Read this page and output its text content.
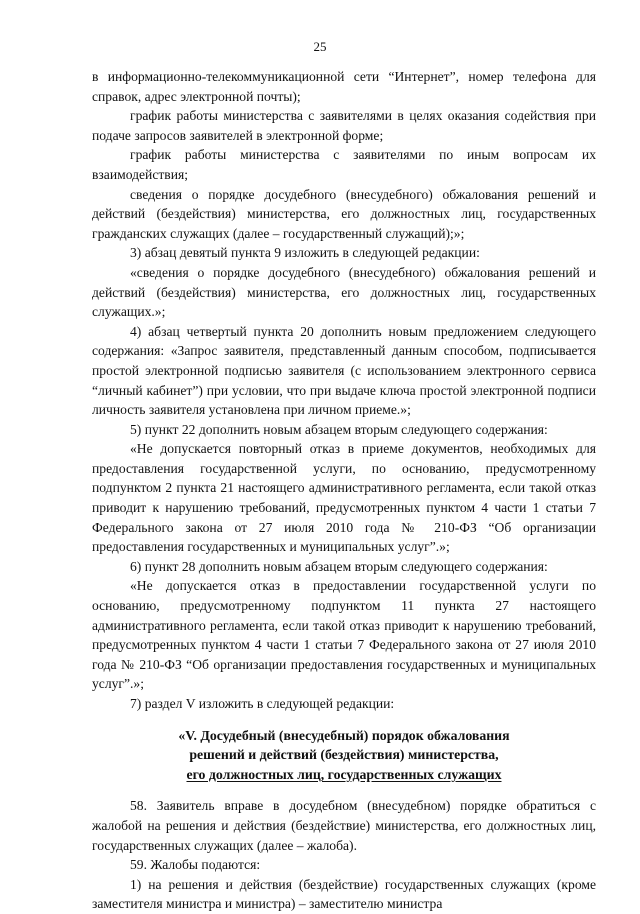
25

в информационно-телекоммуникационной сети “Интернет”, номер телефона для справок, адрес электронной почты);

график работы министерства с заявителями в целях оказания содействия при подаче запросов заявителей в электронной форме;

график работы министерства с заявителями по иным вопросам их взаимодействия;

сведения о порядке досудебного (внесудебного) обжалования решений и действий (бездействия) министерства, его должностных лиц, государственных гражданских служащих (далее – государственный служащий);»;

3) абзац девятый пункта 9 изложить в следующей редакции:

«сведения о порядке досудебного (внесудебного) обжалования решений и действий (бездействия) министерства, его должностных лиц, государственных служащих.»;

4) абзац четвертый пункта 20 дополнить новым предложением следующего содержания: «Запрос заявителя, представленный данным способом, подписывается простой электронной подписью заявителя (с использованием электронного сервиса “личный кабинет”) при условии, что при выдаче ключа простой электронной подписи личность заявителя установлена при личном приеме.»;

5) пункт 22 дополнить новым абзацем вторым следующего содержания:

«Не допускается повторный отказ в приеме документов, необходимых для предоставления государственной услуги, по основанию, предусмотренному подпунктом 2 пункта 21 настоящего административного регламента, если такой отказ приводит к нарушению требований, предусмотренных пунктом 4 части 1 статьи 7 Федерального закона от 27 июля 2010 года № 210-ФЗ “Об организации предоставления государственных и муниципальных услуг”.»;

6) пункт 28 дополнить новым абзацем вторым следующего содержания:

«Не допускается отказ в предоставлении государственной услуги по основанию, предусмотренному подпунктом 11 пункта 27 настоящего административного регламента, если такой отказ приводит к нарушению требований, предусмотренных пунктом 4 части 1 статьи 7 Федерального закона от 27 июля 2010 года № 210-ФЗ “Об организации предоставления государственных и муниципальных услуг”.»;

7) раздел V изложить в следующей редакции:

«V. Досудебный (внесудебный) порядок обжалования
решений и действий (бездействия) министерства,
его должностных лиц, государственных служащих

58. Заявитель вправе в досудебном (внесудебном) порядке обратиться с жалобой на решения и действия (бездействие) министерства, его должностных лиц, государственных служащих (далее – жалоба).

59. Жалобы подаются:

1) на решения и действия (бездействие) государственных служащих (кроме заместителя министра и министра) – заместителю министра
